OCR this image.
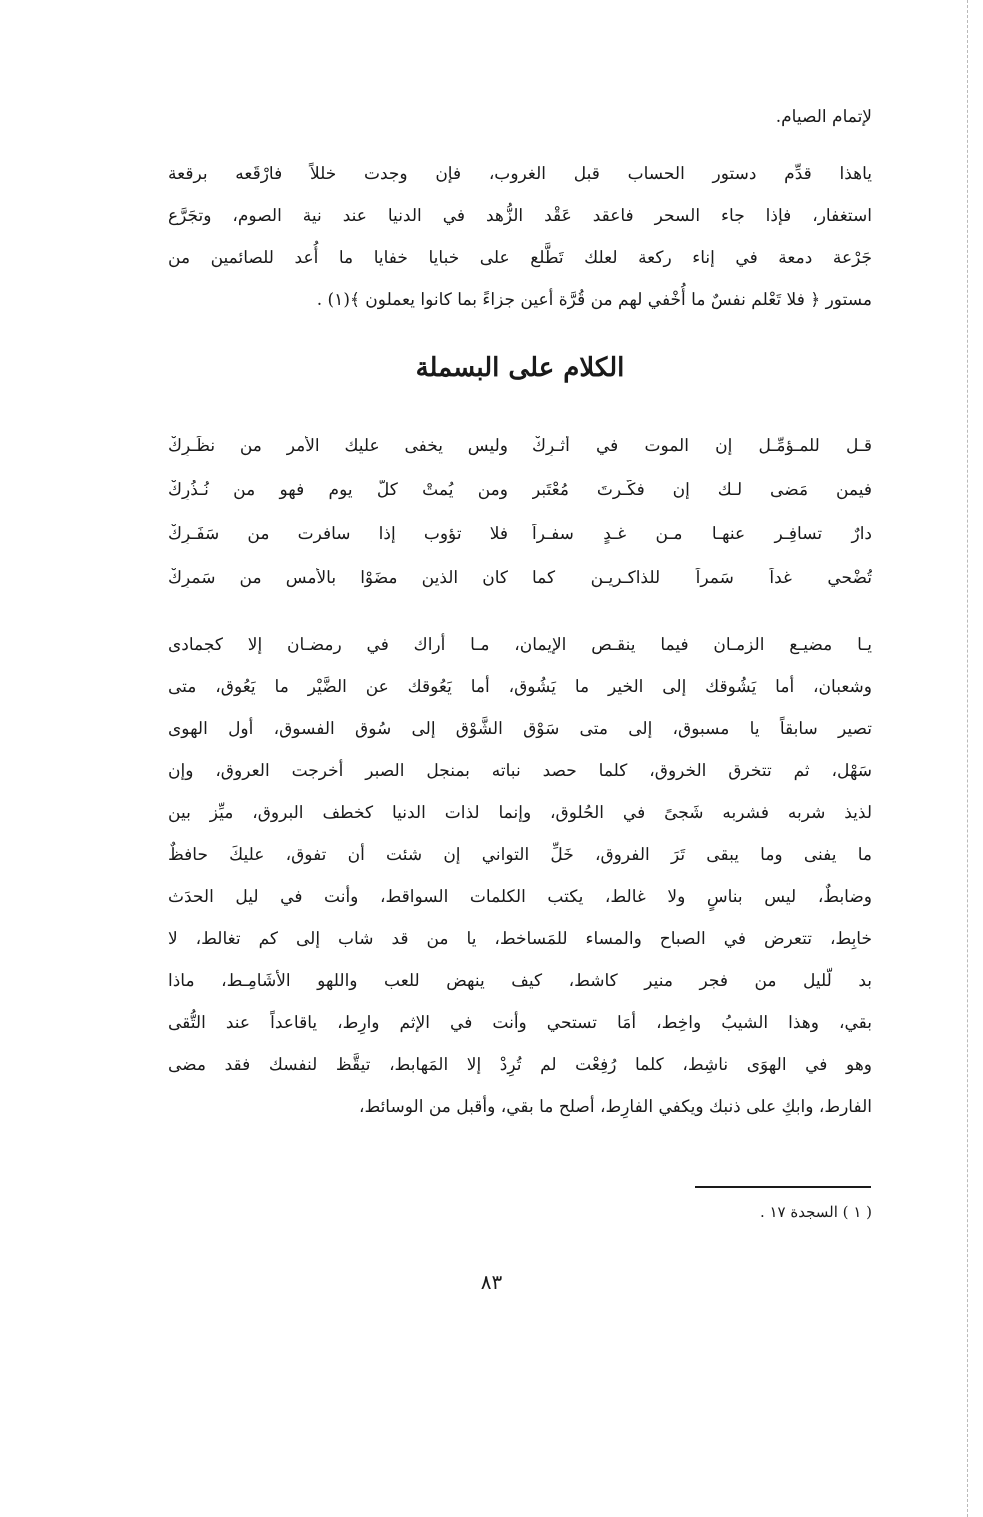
لإتمام الصيام.
ياهذا قدِّم دستور الحساب قبل الغروب، فإن وجدت خللاً فارْقَعه برقعة
استغفار، فإذا جاء السحر فاعقد عَقْد الزُّهد في الدنيا عند نية الصوم، وتجَرَّع
جَرْعة دمعة في إناء ركعة لعلك تَطَّلع على خبايا خفايا ما أُعد للصائمين من
مستور ﴿ فلا تَعْلم نفسٌ ما أُخْفي لهم من قُرَّة أعين جزاءً بما كانوا يعملون ﴾(١) .
الكلام على البسملة
قـل للمـؤمِّـل إن الموت في أثـرِكْ
وليس يخفى عليك الأمر من نظَـرِكْ
فيمن مَضى لـك إن فكَّـرتَ مُعْتَبر
ومن يُمتْ كلَّ يوم فهو من نُـذُرِكْ
دارٌ تسافِـر عنهـا مـن غـدٍ سفـراً
فلا تؤوب إذا سافرت من سَفَـرِكْ
تُضْحي غداً سَمراً للذاكـريـن كما
كان الذين مضَوْا بالأمسِ من سَمرِكْ
يـا مضيـع الزمـان فيما ينقـص الإيمان، مـا أراك في رمضـان إلا كجمادى
وشعبان، أما يَشُوقك إلى الخير ما يَشُوق، أما يَعُوقك عن الضَّيْر ما يَعُوق، متى
تصير سابقاً يا مسبوق، إلى متى سَوْق الشَّوْق إلى سُوق الفسوق، أول الهوى
سَهْل، ثم تتخرق الخروق، كلما حصد نباته بمنجل الصبر أخرجت العروق، وإن
لذيذ شربه فشربه شَجىً في الحُلوق، وإنما لذات الدنيا كخطف البروق، ميِّز بين
ما يفنى وما يبقى تَرَ الفروق، خَلِّ التواني إن شئت أن تفوق، عليكَ حافظٌ
وضابطٌ، ليس بناسٍ ولا غالط، يكتب الكلمات السواقط، وأنت في ليل الحدَث
خابِط، تتعرض في الصباح والمساء للمَساخط، يا من قد شاب إلى كم تغالط، لا
بد لّليل من فجر منير كاشط، كيف ينهض للعب واللهو الأشَامِـط، ماذا
بقي، وهذا الشيبُ واخِط، أمَا تستحي وأنت في الإثم وارِط، ياقاعداً عند التُّقى
وهو في الهوَى ناشِط، كلما رُفِعْت لم تُرِدْ إلا المَهابط، تيقَّظ لنفسك فقد مضى
الفارط، وابكِ على ذنبك ويكفي الفارِط، أصلح ما بقي، وأقبل من الوسائط،
( ١ ) السجدة ١٧ .
٨٣
